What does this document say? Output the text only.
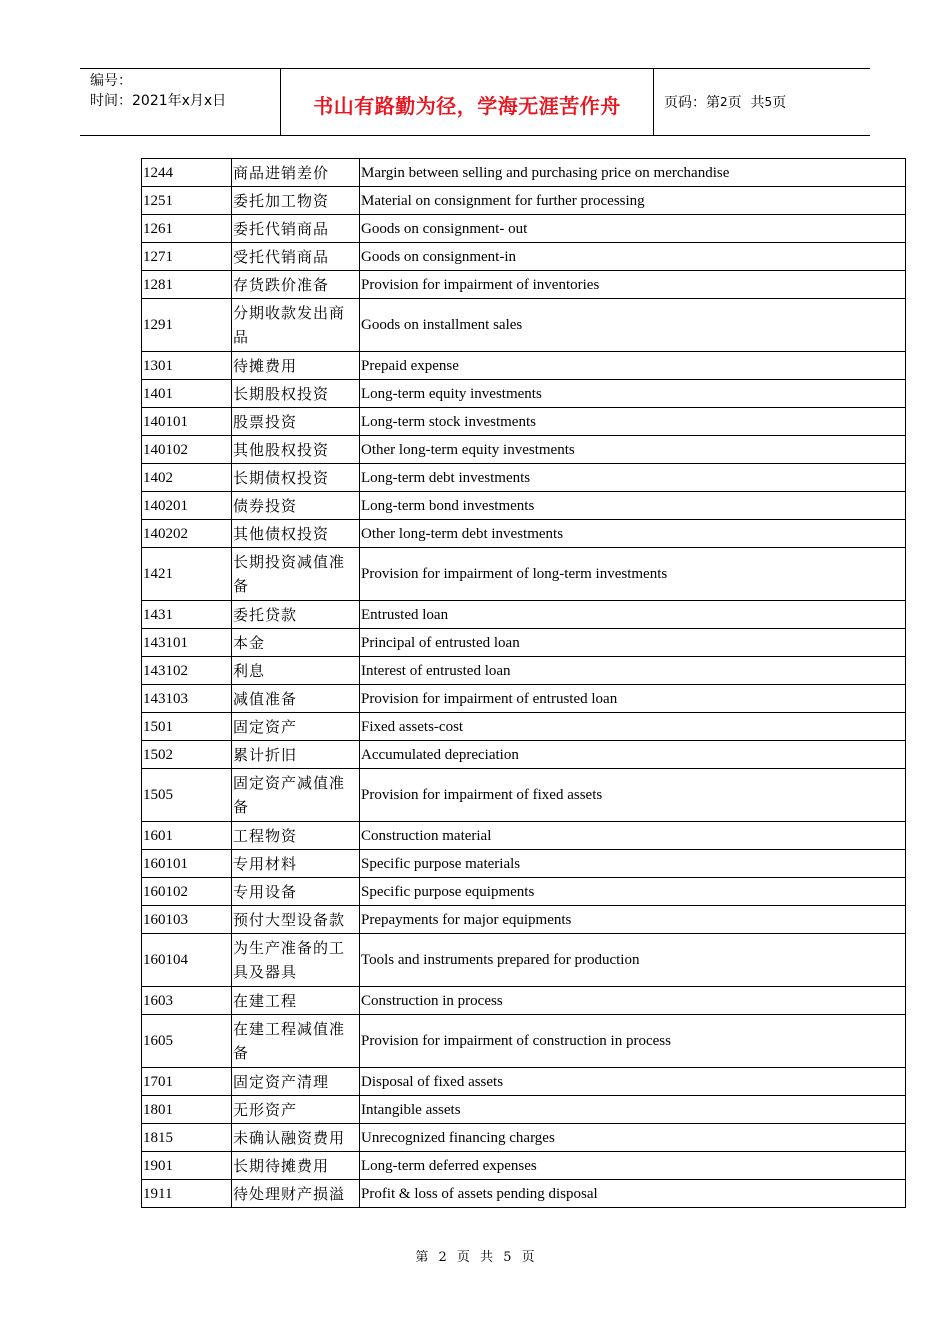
编号：
时间：2021年x月x日	书山有路勤为径，学海无涯苦作舟	页码：第 2 页  共 5 页
1244	商品进销差价	Margin between selling and purchasing price on merchandise
1251	委托加工物资	Material on consignment for further processing
1261	委托代销商品	Goods on consignment- out
1271	受托代销商品	Goods on consignment-in
1281	存货跌价准备	Provision for impairment of inventories
1291	分期收款发出商品	Goods on installment sales
1301	待摊费用	Prepaid expense
1401	长期股权投资	Long-term equity investments
140101	股票投资	Long-term stock investments
140102	其他股权投资	Other long-term equity investments
1402	长期债权投资	Long-term debt investments
140201	债券投资	Long-term bond investments
140202	其他债权投资	Other long-term debt investments
1421	长期投资减值准备	Provision for impairment of long-term investments
1431	委托贷款	Entrusted loan
143101	本金	Principal of entrusted loan
143102	利息	Interest of entrusted loan
143103	减值准备	Provision for impairment of entrusted loan
1501	固定资产	Fixed assets-cost
1502	累计折旧	Accumulated depreciation
1505	固定资产减值准备	Provision for impairment of fixed assets
1601	工程物资	Construction material
160101	专用材料	Specific purpose materials
160102	专用设备	Specific purpose equipments
160103	预付大型设备款	Prepayments for major equipments
160104	为生产准备的工具及器具	Tools and instruments prepared for production
1603	在建工程	Construction in process
1605	在建工程减值准备	Provision for impairment of construction in process
1701	固定资产清理	Disposal of fixed assets
1801	无形资产	Intangible assets
1815	未确认融资费用	Unrecognized financing charges
1901	长期待摊费用	Long-term deferred expenses
1911	待处理财产损溢	Profit & loss of assets pending disposal
第 2 页 共 5 页
